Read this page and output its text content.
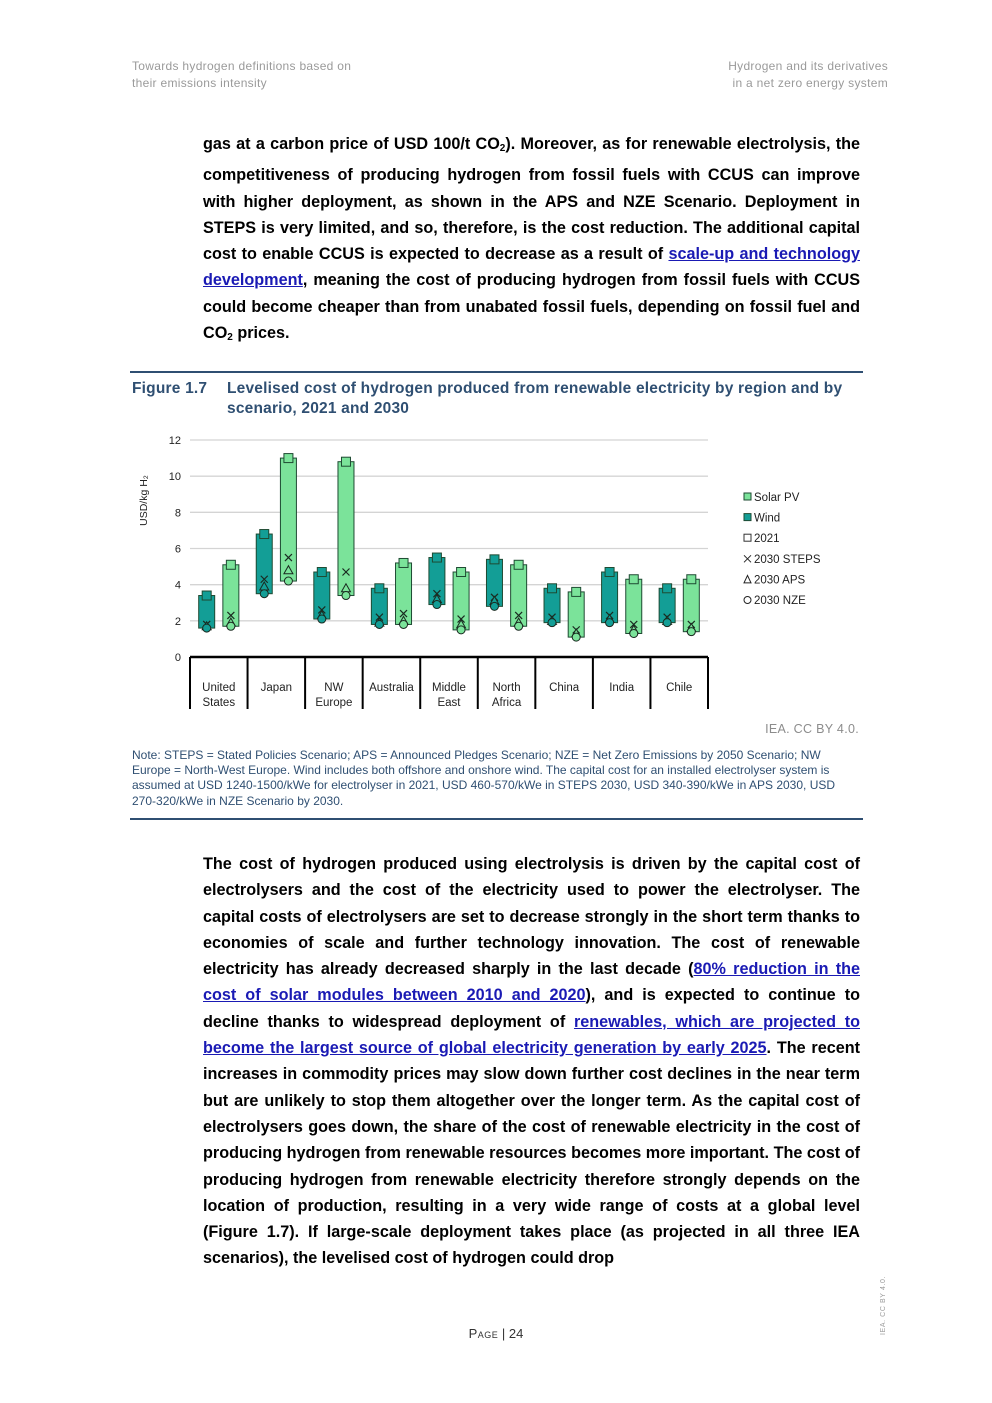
Towards hydrogen definitions based on
their emissions intensity
Hydrogen and its derivatives
in a net zero energy system
gas at a carbon price of USD 100/t $CO_2$). Moreover, as for renewable electrolysis, the competitiveness of producing hydrogen from fossil fuels with CCUS can improve with higher deployment, as shown in the APS and NZE Scenario. Deployment in STEPS is very limited, and so, therefore, is the cost reduction. The additional capital cost to enable CCUS is expected to decrease as a result of scale-up and technology development, meaning the cost of producing hydrogen from fossil fuels with CCUS could become cheaper than from unabated fossil fuels, depending on fossil fuel and $CO_2$ prices.
Figure 1.7 Levelised cost of hydrogen produced from renewable electricity by region and by scenario, 2021 and 2030
0
2
4
6
8
10
12
USD/kg H₂
United
States
Japan	NW
Europe
Australia Middle
East
North
Africa
China	India	Chile
Solar PV
Wind
2021
2030 STEPS
2030 APS
2030 NZE
IEA. CC BY 4.0.
Note: STEPS = Stated Policies Scenario; APS = Announced Pledges Scenario; NZE = Net Zero Emissions by 2050 Scenario; NW Europe = North-West Europe. Wind includes both offshore and onshore wind. The capital cost for an installed electrolyser system is assumed at USD 1240-1500/kWe for electrolyser in 2021, USD 460-570/kWe in STEPS 2030, USD 340-390/kWe in APS 2030, USD 270-320/kWe in NZE Scenario by 2030.
The cost of hydrogen produced using electrolysis is driven by the capital cost of electrolysers and the cost of the electricity used to power the electrolyser. The capital costs of electrolysers are set to decrease strongly in the short term thanks to economies of scale and further technology innovation. The cost of renewable electricity has already decreased sharply in the last decade (80% reduction in the cost of solar modules between 2010 and 2020), and is expected to continue to decline thanks to widespread deployment of renewables, which are projected to become the largest source of global electricity generation by early 2025. The recent increases in commodity prices may slow down further cost declines in the near term but are unlikely to stop them altogether over the longer term. As the capital cost of electrolysers goes down, the share of the cost of renewable electricity in the cost of producing hydrogen from renewable resources becomes more important. The cost of producing hydrogen from renewable electricity therefore strongly depends on the location of production, resulting in a very wide range of costs at a global level (Figure 1.7). If large-scale deployment takes place (as projected in all three IEA scenarios), the levelised cost of hydrogen could drop
Page | 24	IEA. CC BY 4.0.
